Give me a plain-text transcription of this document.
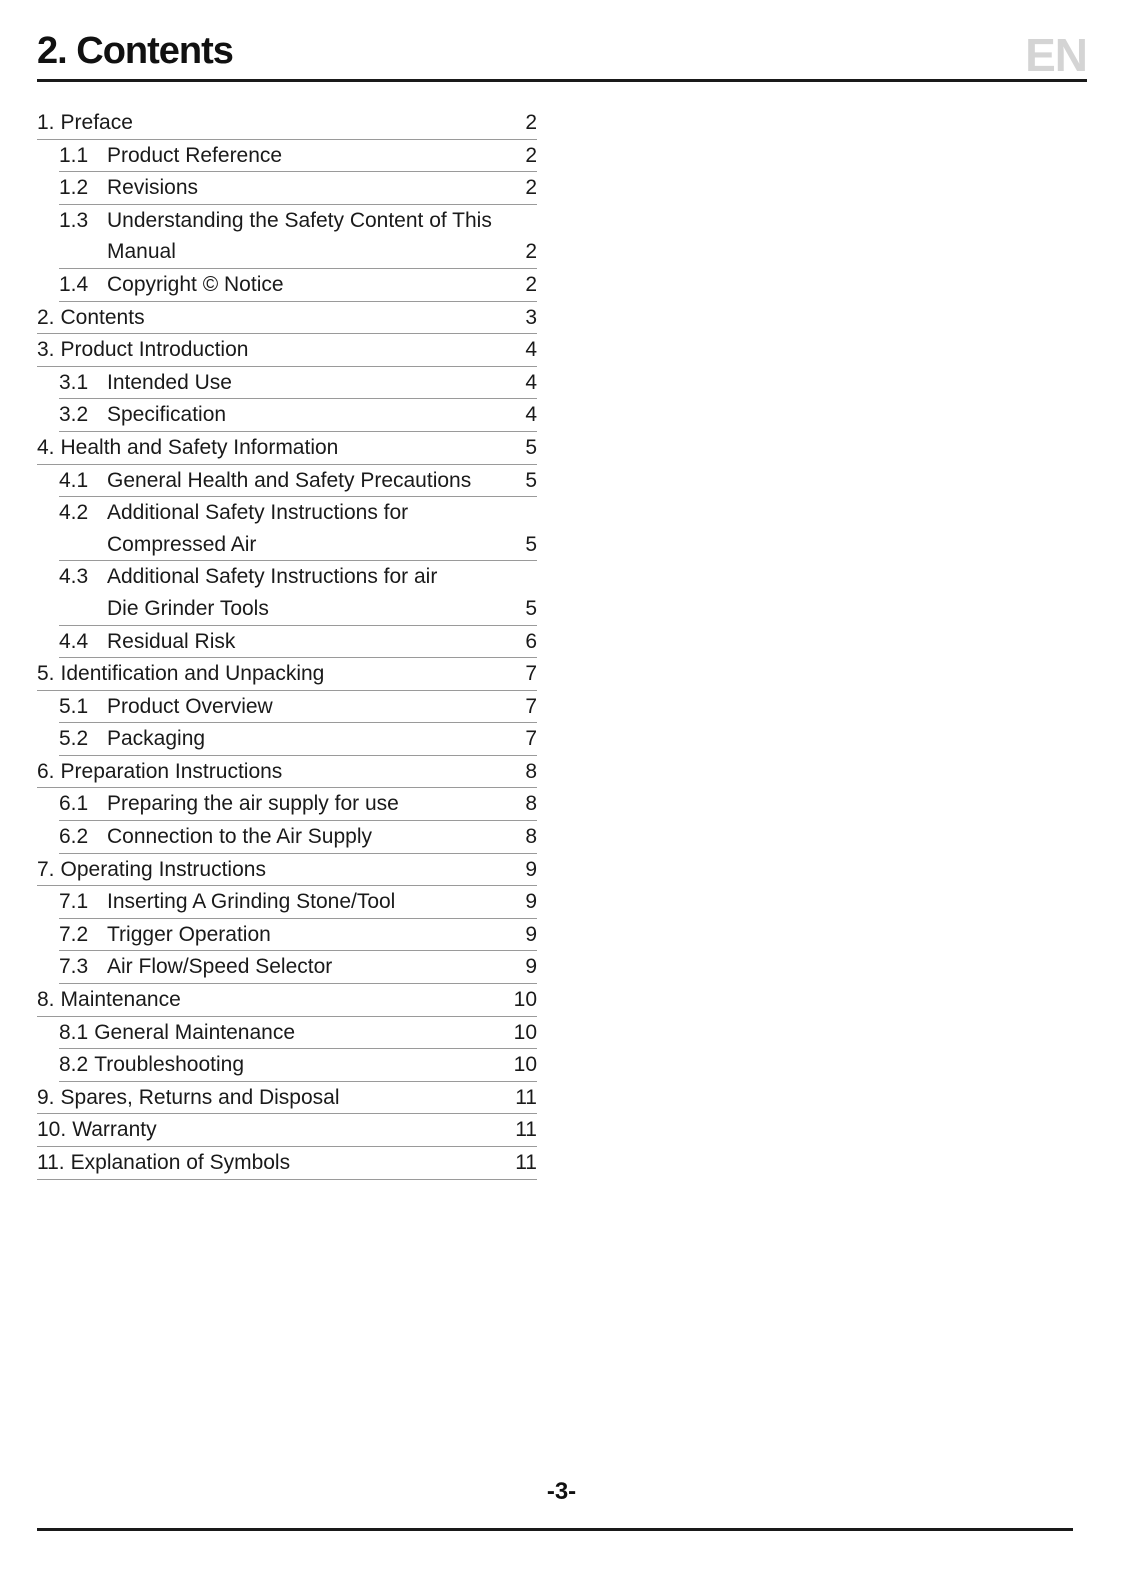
2. Contents	EN
1. Preface	2
1.1 Product Reference	2
1.2 Revisions	2
1.3 Understanding the Safety Content of This
Manual	2
1.4 Copyright © Notice	2
2. Contents	3
3. Product Introduction	4
3.1 Intended Use	4
3.2 Specification	4
4. Health and Safety Information	5
4.1 General Health and Safety Precautions	5
4.2 Additional Safety Instructions for
Compressed Air	5
4.3 Additional Safety Instructions for air
Die Grinder Tools	5
4.4 Residual Risk	6
5. Identification and Unpacking	7
5.1 Product Overview	7
5.2 Packaging	7
6. Preparation Instructions	8
6.1 Preparing the air supply for use	8
6.2 Connection to the Air Supply	8
7. Operating Instructions	9
7.1 Inserting A Grinding Stone/Tool	9
7.2 Trigger Operation	9
7.3 Air Flow/Speed Selector	9
8. Maintenance	10
8.1 General Maintenance	10
8.2 Troubleshooting	10
9. Spares, Returns and Disposal	11
10. Warranty	11
11. Explanation of Symbols	11
-3-
